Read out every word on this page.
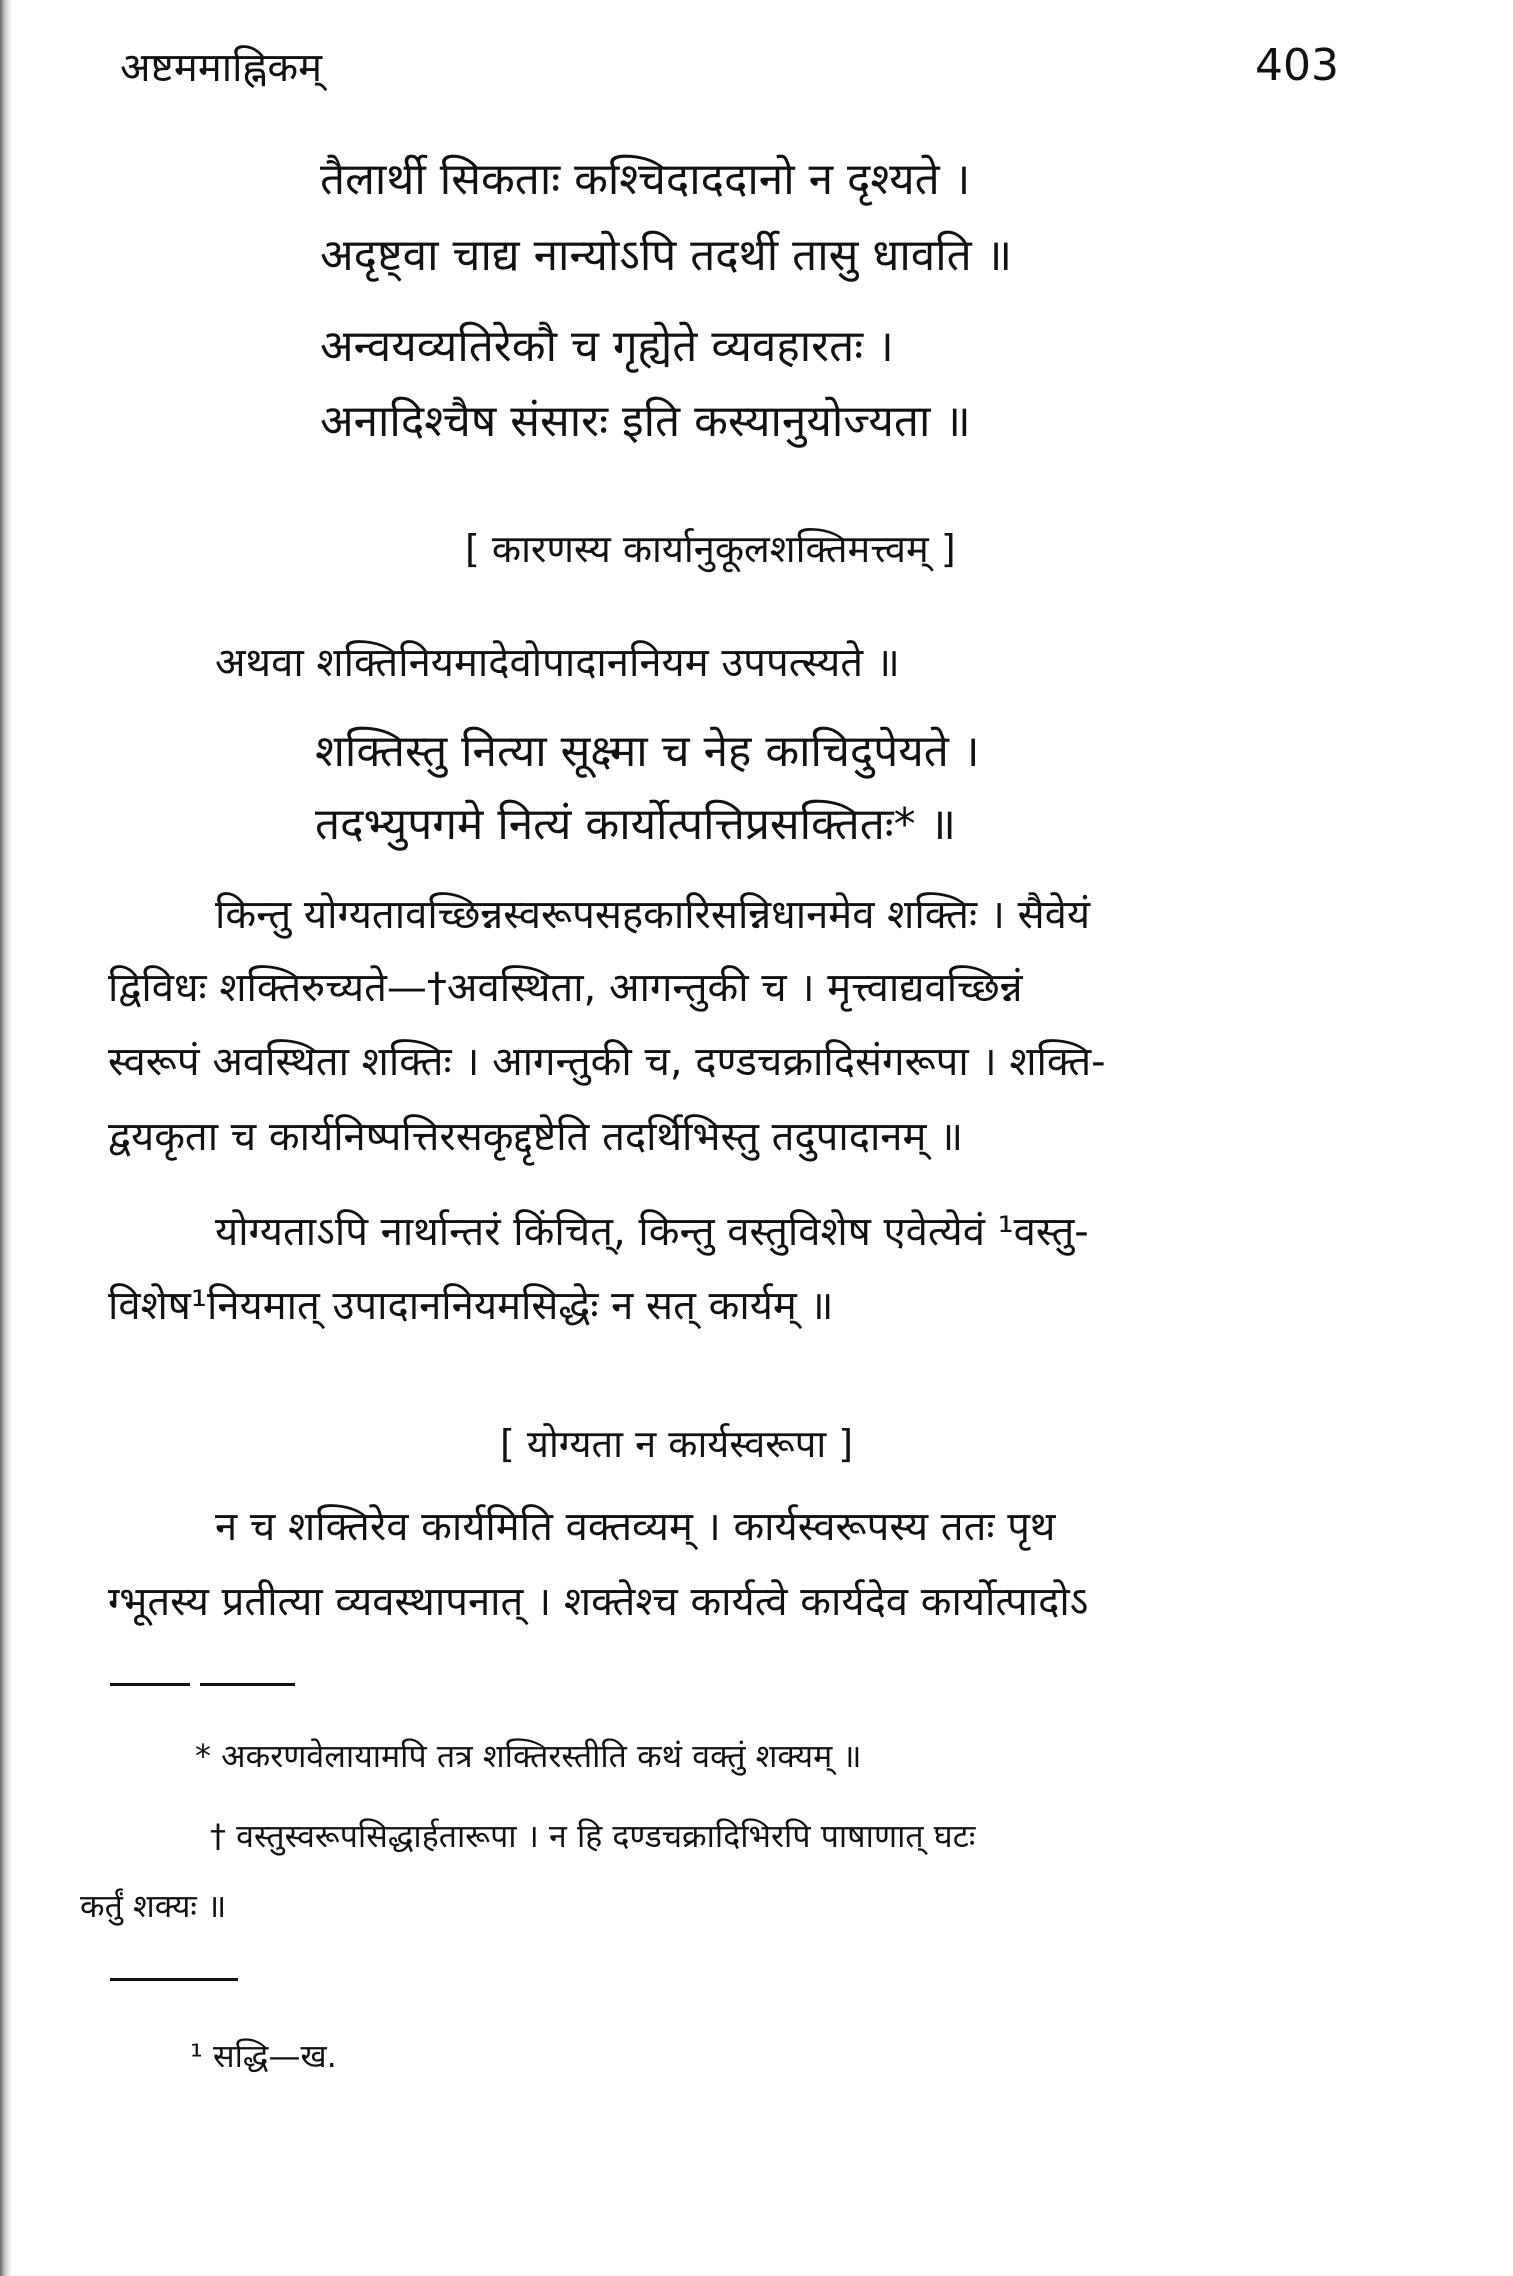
अष्टममाह्निकम्	403
तैलार्थी सिकताः कश्चिदाददानो न दृश्यते ।
अदृष्ट्वा चाद्य नान्योऽपि तदर्थी तासु धावति ॥
अन्वयव्यतिरेकौ च गृह्येते व्यवहारतः ।
अनादिश्चैष संसारः इति कस्यानुयोज्यता ॥
[ कारणस्य कार्यानुकूलशक्तिमत्त्वम् ]
अथवा शक्तिनियमादेवोपादाननियम उपपत्स्यते ॥
शक्तिस्तु नित्या सूक्ष्मा च नेह काचिदुपेयते ।
तदभ्युपगमे नित्यं कार्योत्पत्तिप्रसक्तितः* ॥
किन्तु योग्यतावच्छिन्नस्वरूपसहकारिसन्निधानमेव शक्तिः । सैवेयं
द्विविधः शक्तिरुच्यते—†अवस्थिता, आगन्तुकी च । मृत्त्वाद्यवच्छिन्नं
स्वरूपं अवस्थिता शक्तिः । आगन्तुकी च, दण्डचक्रादिसंगरूपा । शक्ति-
द्वयकृता च कार्यनिष्पत्तिरसकृद्दृष्टेति तदर्थिभिस्तु तदुपादानम् ॥
योग्यताऽपि नार्थान्तरं किंचित्, किन्तु वस्तुविशेष एवेत्येवं ¹वस्तु-
विशेष¹नियमात् उपादाननियमसिद्धेः न सत् कार्यम् ॥
[ योग्यता न कार्यस्वरूपा ]
न च शक्तिरेव कार्यमिति वक्तव्यम् । कार्यस्वरूपस्य ततः पृथ
ग्भूतस्य प्रतीत्या व्यवस्थापनात् । शक्तेश्च कार्यत्वे कार्यदेव कार्योत्पादोऽ
* अकरणवेलायामपि तत्र शक्तिरस्तीति कथं वक्तुं शक्यम् ॥
† वस्तुस्वरूपसिद्धार्हतारूपा । न हि दण्डचक्रादिभिरपि पाषाणात् घटः
कर्तुं शक्यः ॥
¹ सद्धि—ख.
